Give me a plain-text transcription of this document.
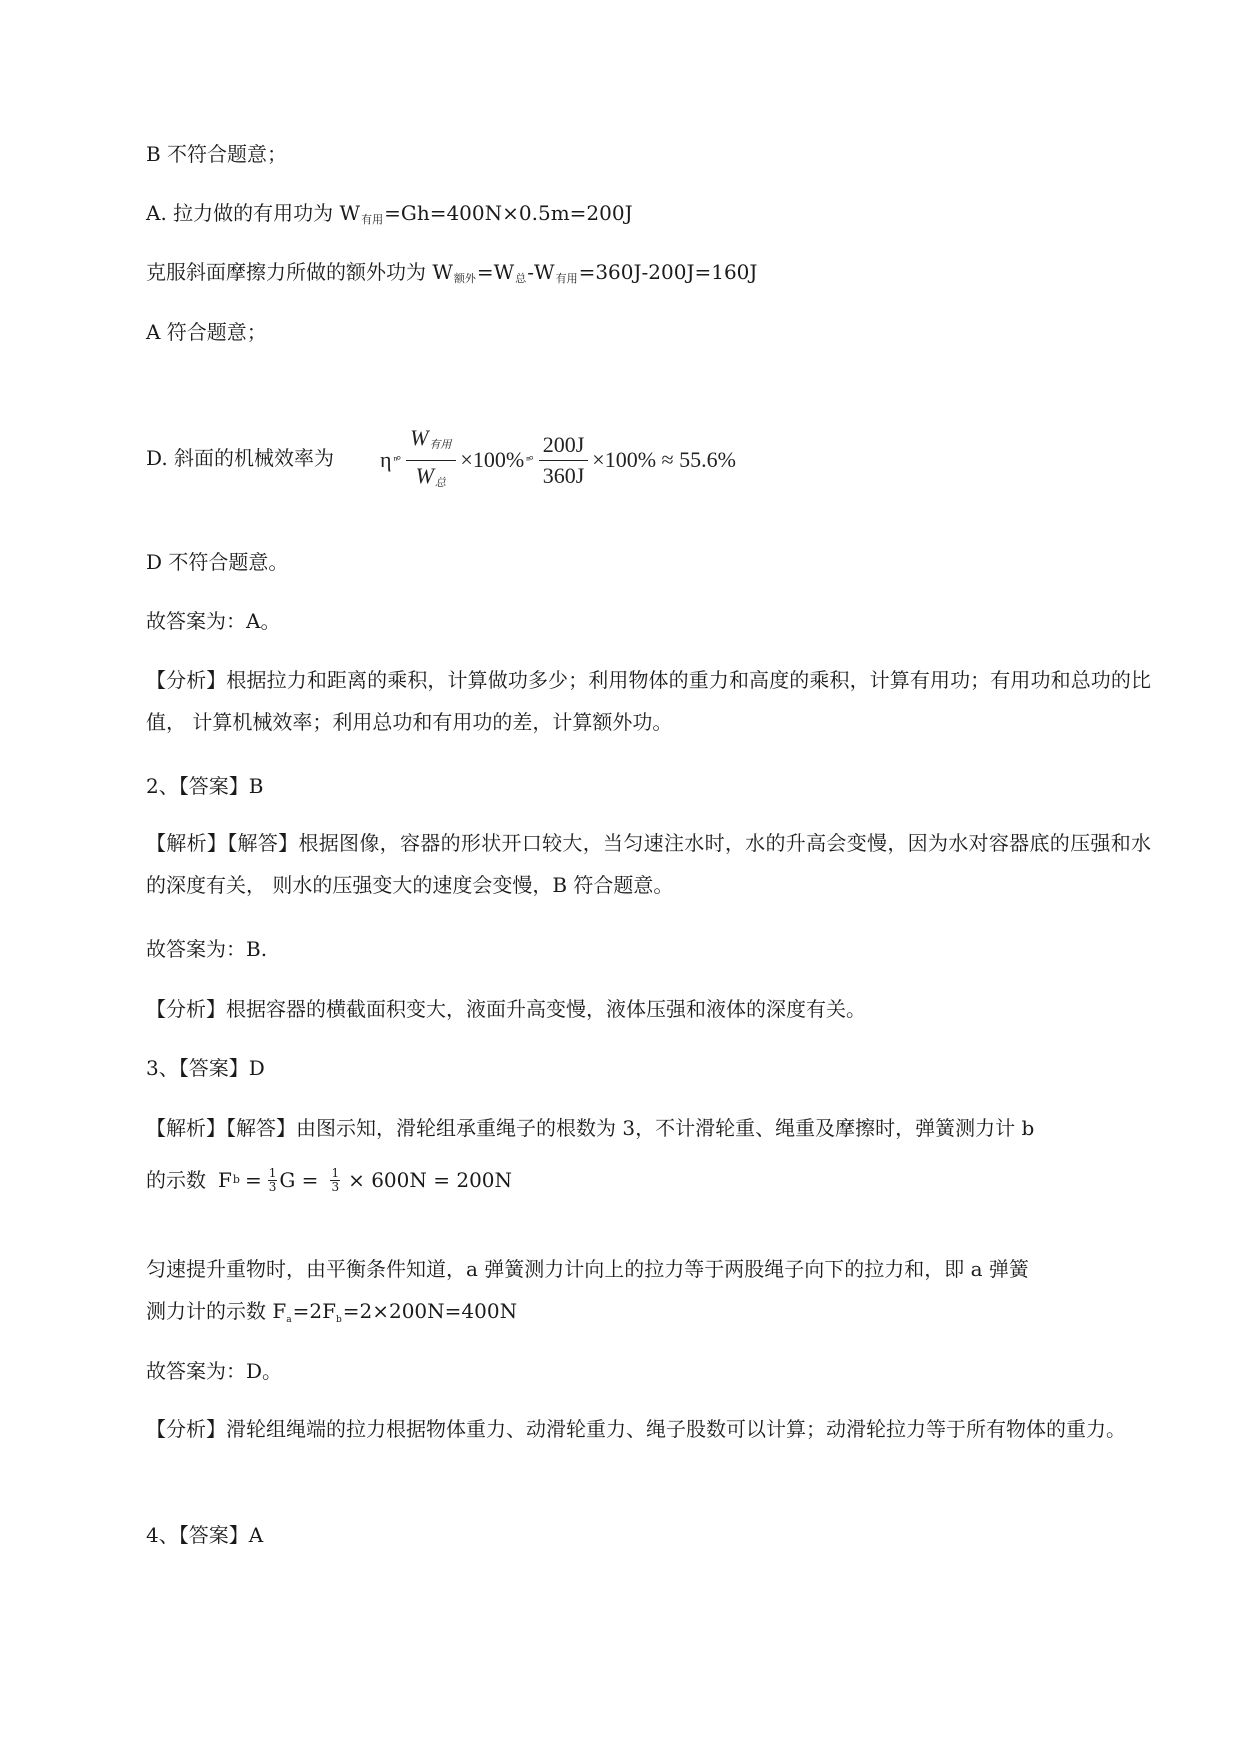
B 不符合题意；
A. 拉力做的有用功为 $W_{有用}=Gh=400N\times 0.5m=200J$
克服斜面摩擦力所做的额外功为 $W_{额外}=W_总-W_{有用}=360J-200J=160J$
A 符合题意；
D. 斜面的机械效率为	η $^n^\circ \frac{W_{有用}}{W_总} \times 100\%$ $^n^\circ \frac{200J}{360J} \times 100\% \approx 55.6\%$
D 不符合题意。
故答案为：A。
【分析】根据拉力和距离的乘积，计算做功多少；利用物体的重力和高度的乘积，计算有用功；有用功和总功的比值， 计算机械效率；利用总功和有用功的差，计算额外功。
2、【答案】B
【解析】【解答】根据图像，容器的形状开口较大，当匀速注水时，水的升高会变慢，因为水对容器底的压强和水的深度有关， 则水的压强变大的速度会变慢，B 符合题意。
故答案为：B.
【分析】根据容器的横截面积变大，液面升高变慢，液体压强和液体的深度有关。
3、【答案】D
【解析】【解答】由图示知，滑轮组承重绳子的根数为 3，不计滑轮重、绳重及摩擦时，弹簧测力计 b
的示数 F $b = \frac{1}{3}$ $G = \frac{1}{3} \times 600N = 200N$
匀速提升重物时，由平衡条件知道，a 弹簧测力计向上的拉力等于两股绳子向下的拉力和，即 a 弹簧
测力计的示数 $F_a=2F_b=2\times 200N=400N$
故答案为：D。
【分析】滑轮组绳端的拉力根据物体重力、动滑轮重力、绳子股数可以计算；动滑轮拉力等于所有物体的重力。
4、【答案】A
